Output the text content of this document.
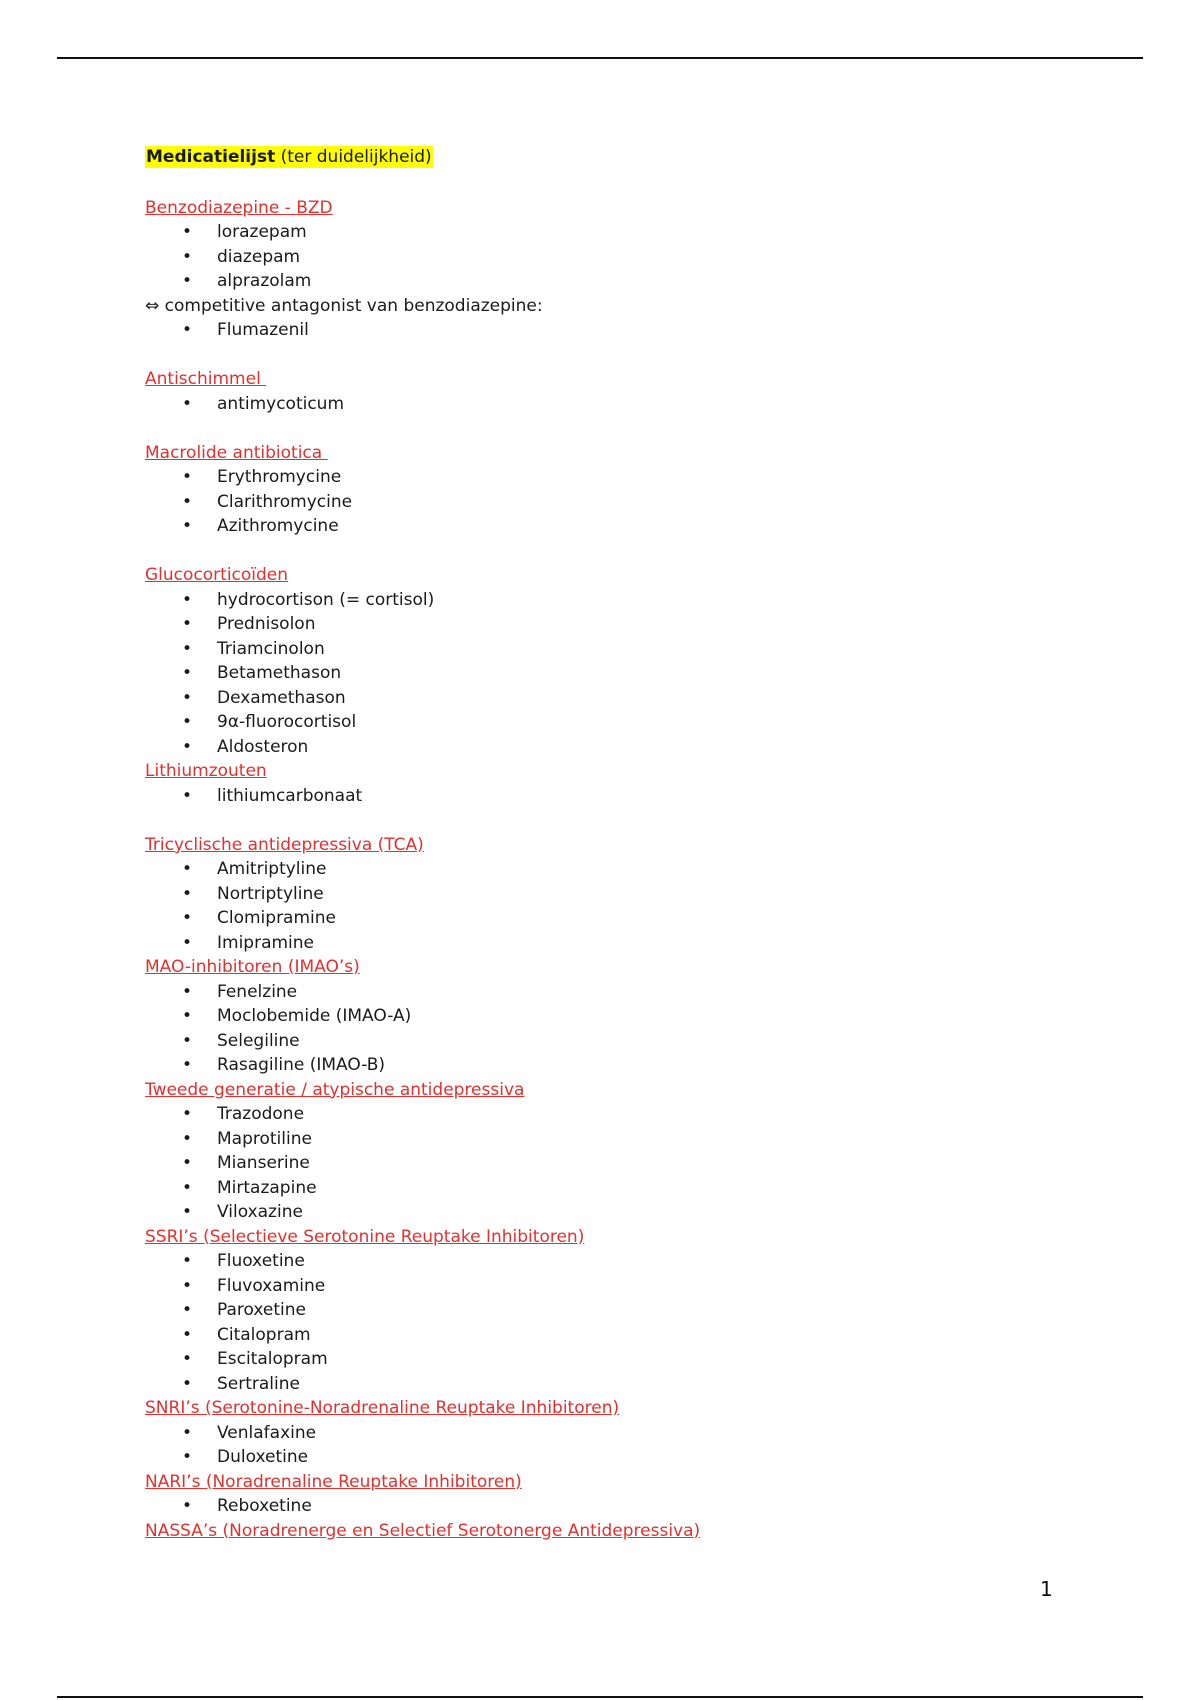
Medicatielijst (ter duidelijkheid)
Benzodiazepine - BZD
• lorazepam
• diazepam
• alprazolam
⇔ competitive antagonist van benzodiazepine:
• Flumazenil
Antischimmel
• antimycoticum
Macrolide antibiotica
• Erythromycine
• Clarithromycine
• Azithromycine
Glucocorticoïden
• hydrocortison (= cortisol)
• Prednisolon
• Triamcinolon
• Betamethason
• Dexamethason
• 9α-fluorocortisol
• Aldosteron
Lithiumzouten
• lithiumcarbonaat
Tricyclische antidepressiva (TCA)
• Amitriptyline
• Nortriptyline
• Clomipramine
• Imipramine
MAO-inhibitoren (IMAO’s)
• Fenelzine
• Moclobemide (IMAO-A)
• Selegiline
• Rasagiline (IMAO-B)
Tweede generatie / atypische antidepressiva
• Trazodone
• Maprotiline
• Mianserine
• Mirtazapine
• Viloxazine
SSRI’s (Selectieve Serotonine Reuptake Inhibitoren)
• Fluoxetine
• Fluvoxamine
• Paroxetine
• Citalopram
• Escitalopram
• Sertraline
SNRI’s (Serotonine-Noradrenaline Reuptake Inhibitoren)
• Venlafaxine
• Duloxetine
NARI’s (Noradrenaline Reuptake Inhibitoren)
• Reboxetine
NASSA’s (Noradrenerge en Selectief Serotonerge Antidepressiva)
1
